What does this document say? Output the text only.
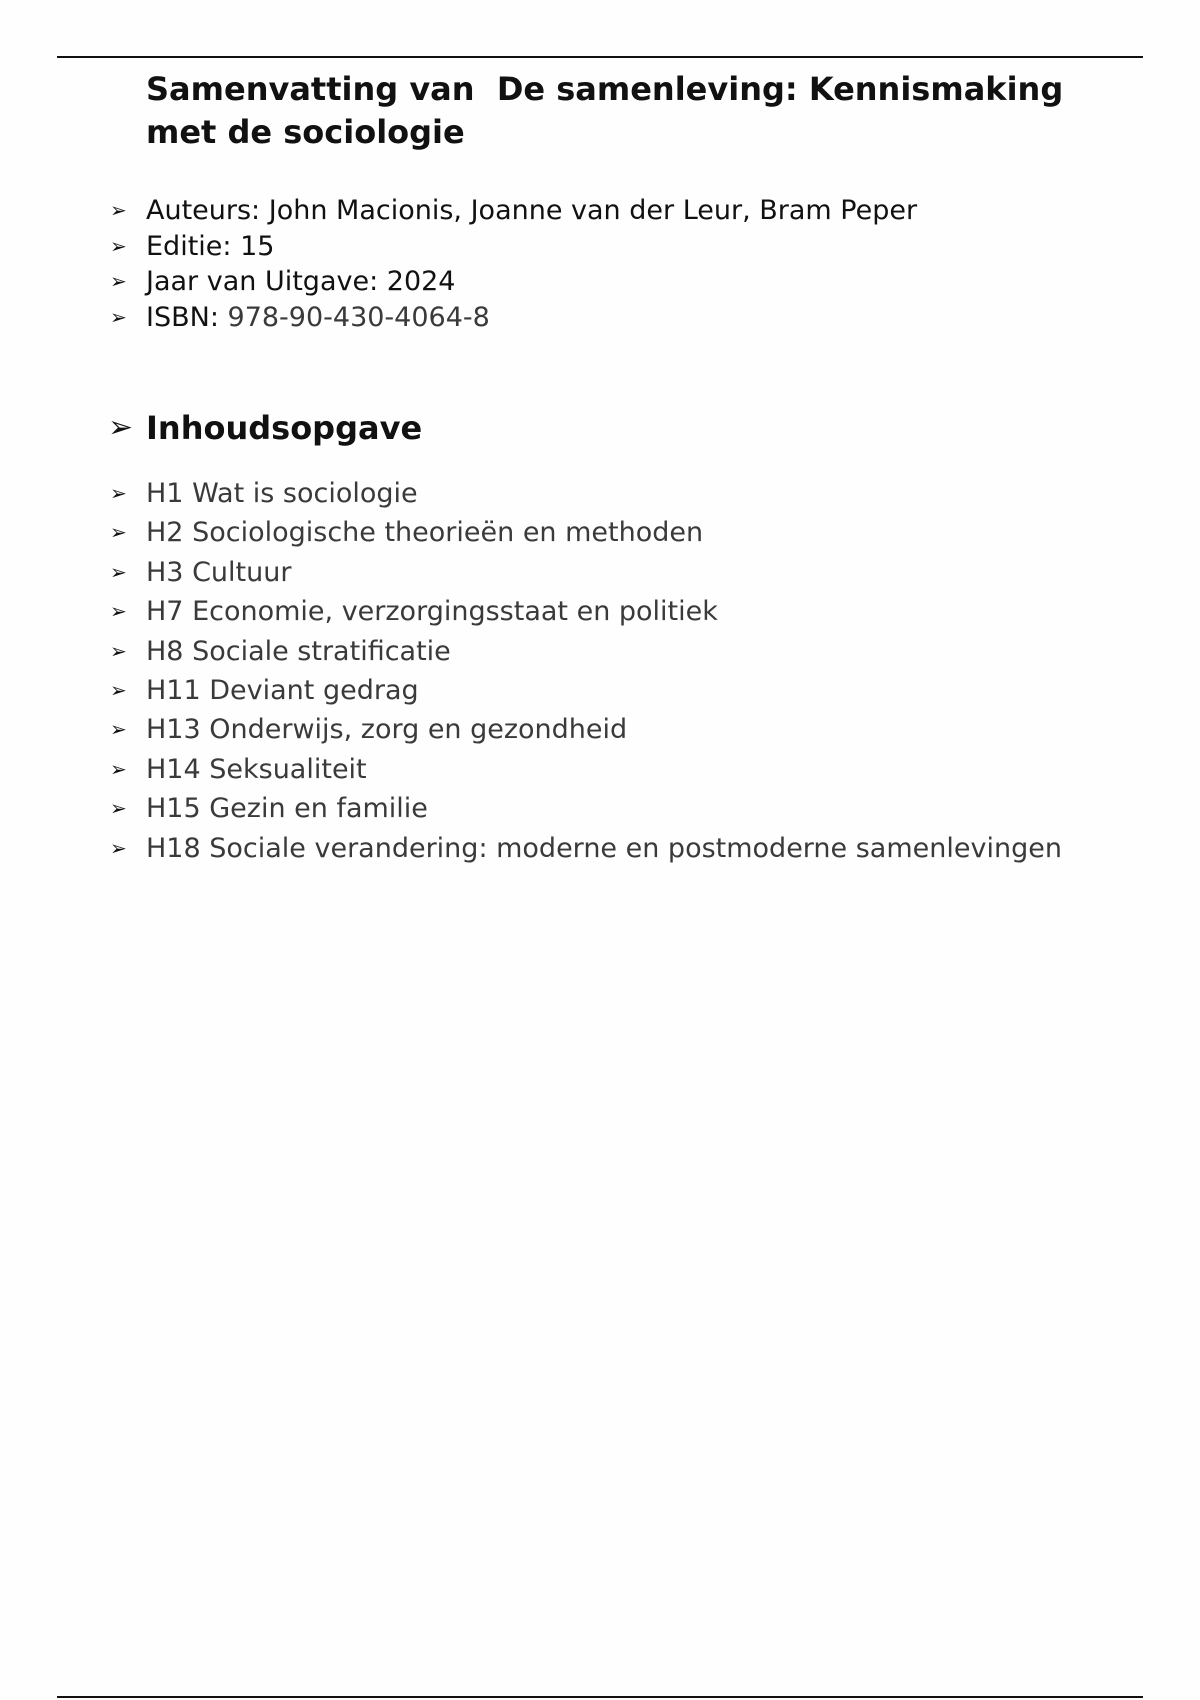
Samenvatting van  De samenleving: Kennismaking met de sociologie
➢ Auteurs: John Macionis, Joanne van der Leur, Bram Peper
➢ Editie: 15
➢ Jaar van Uitgave: 2024
➢ ISBN: 978-90-430-4064-8
➢ Inhoudsopgave
➢ H1 Wat is sociologie
➢ H2 Sociologische theorieën en methoden
➢ H3 Cultuur
➢ H7 Economie, verzorgingsstaat en politiek
➢ H8 Sociale stratificatie
➢ H11 Deviant gedrag
➢ H13 Onderwijs, zorg en gezondheid
➢ H14 Seksualiteit
➢ H15 Gezin en familie
➢ H18 Sociale verandering: moderne en postmoderne samenlevingen
